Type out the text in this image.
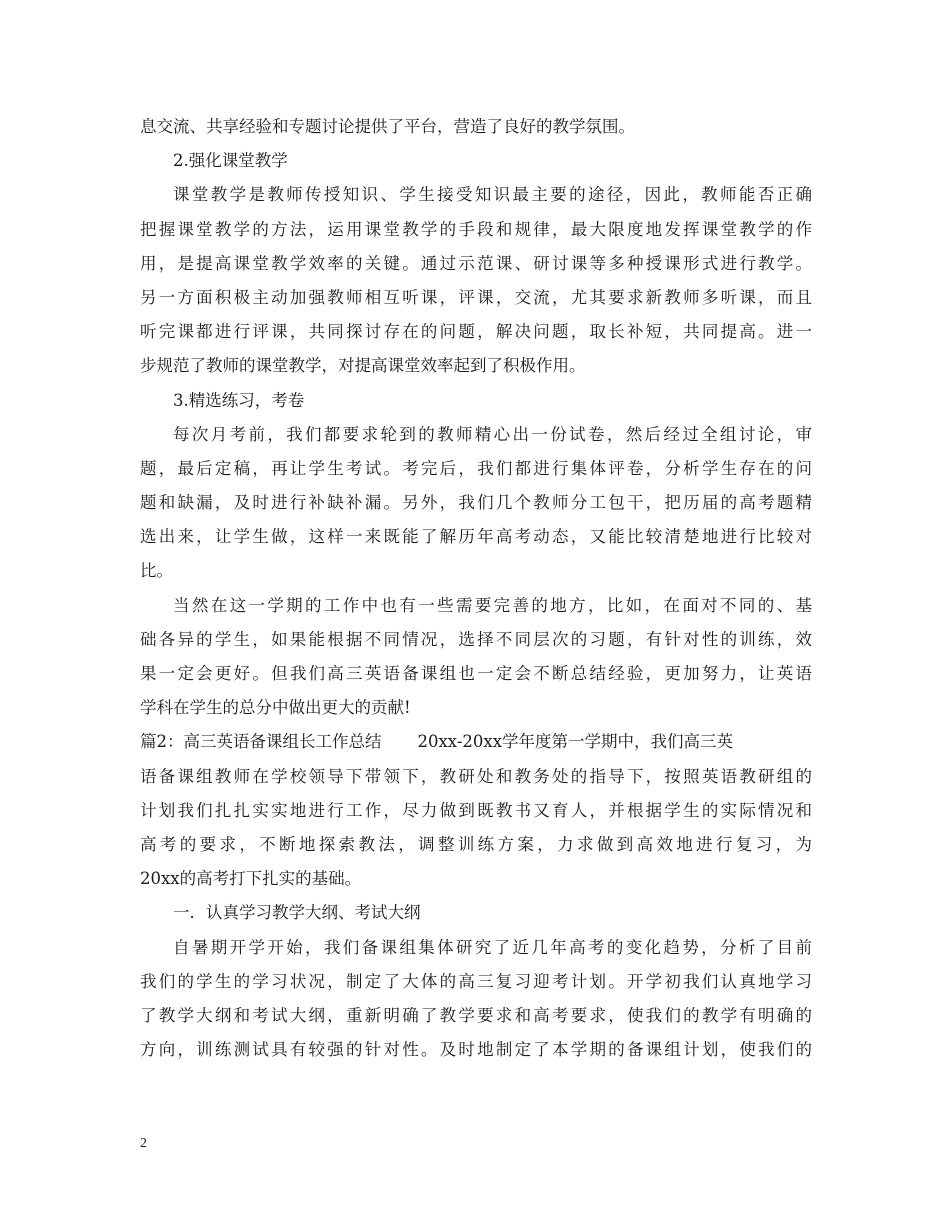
息交流、共享经验和专题讨论提供了平台，营造了良好的教学氛围。
2.强化课堂教学
课堂教学是教师传授知识、学生接受知识最主要的途径，因此，教师能否正确
把握课堂教学的方法，运用课堂教学的手段和规律，最大限度地发挥课堂教学的作
用，是提高课堂教学效率的关键。通过示范课、研讨课等多种授课形式进行教学。
另一方面积极主动加强教师相互听课，评课，交流，尤其要求新教师多听课，而且
听完课都进行评课，共同探讨存在的问题，解决问题，取长补短，共同提高。进一
步规范了教师的课堂教学，对提高课堂效率起到了积极作用。
3.精选练习，考卷
每次月考前，我们都要求轮到的教师精心出一份试卷，然后经过全组讨论，审
题，最后定稿，再让学生考试。考完后，我们都进行集体评卷，分析学生存在的问
题和缺漏，及时进行补缺补漏。另外，我们几个教师分工包干，把历届的高考题精
选出来，让学生做，这样一来既能了解历年高考动态，又能比较清楚地进行比较对
比。
当然在这一学期的工作中也有一些需要完善的地方，比如，在面对不同的、基
础各异的学生，如果能根据不同情况，选择不同层次的习题，有针对性的训练，效
果一定会更好。但我们高三英语备课组也一定会不断总结经验，更加努力，让英语
学科在学生的总分中做出更大的贡献!
篇2：高三英语备课组长工作总结 20xx-20xx学年度第一学期中，我们高三英
语备课组教师在学校领导下带领下，教研处和教务处的指导下，按照英语教研组的
计划我们扎扎实实地进行工作，尽力做到既教书又育人，并根据学生的实际情况和
高考的要求，不断地探索教法，调整训练方案，力求做到高效地进行复习，为
20xx的高考打下扎实的基础。
一．认真学习教学大纲、考试大纲
自暑期开学开始，我们备课组集体研究了近几年高考的变化趋势，分析了目前
我们的学生的学习状况，制定了大体的高三复习迎考计划。开学初我们认真地学习
了教学大纲和考试大纲，重新明确了教学要求和高考要求，使我们的教学有明确的
方向，训练测试具有较强的针对性。及时地制定了本学期的备课组计划，使我们的
2
